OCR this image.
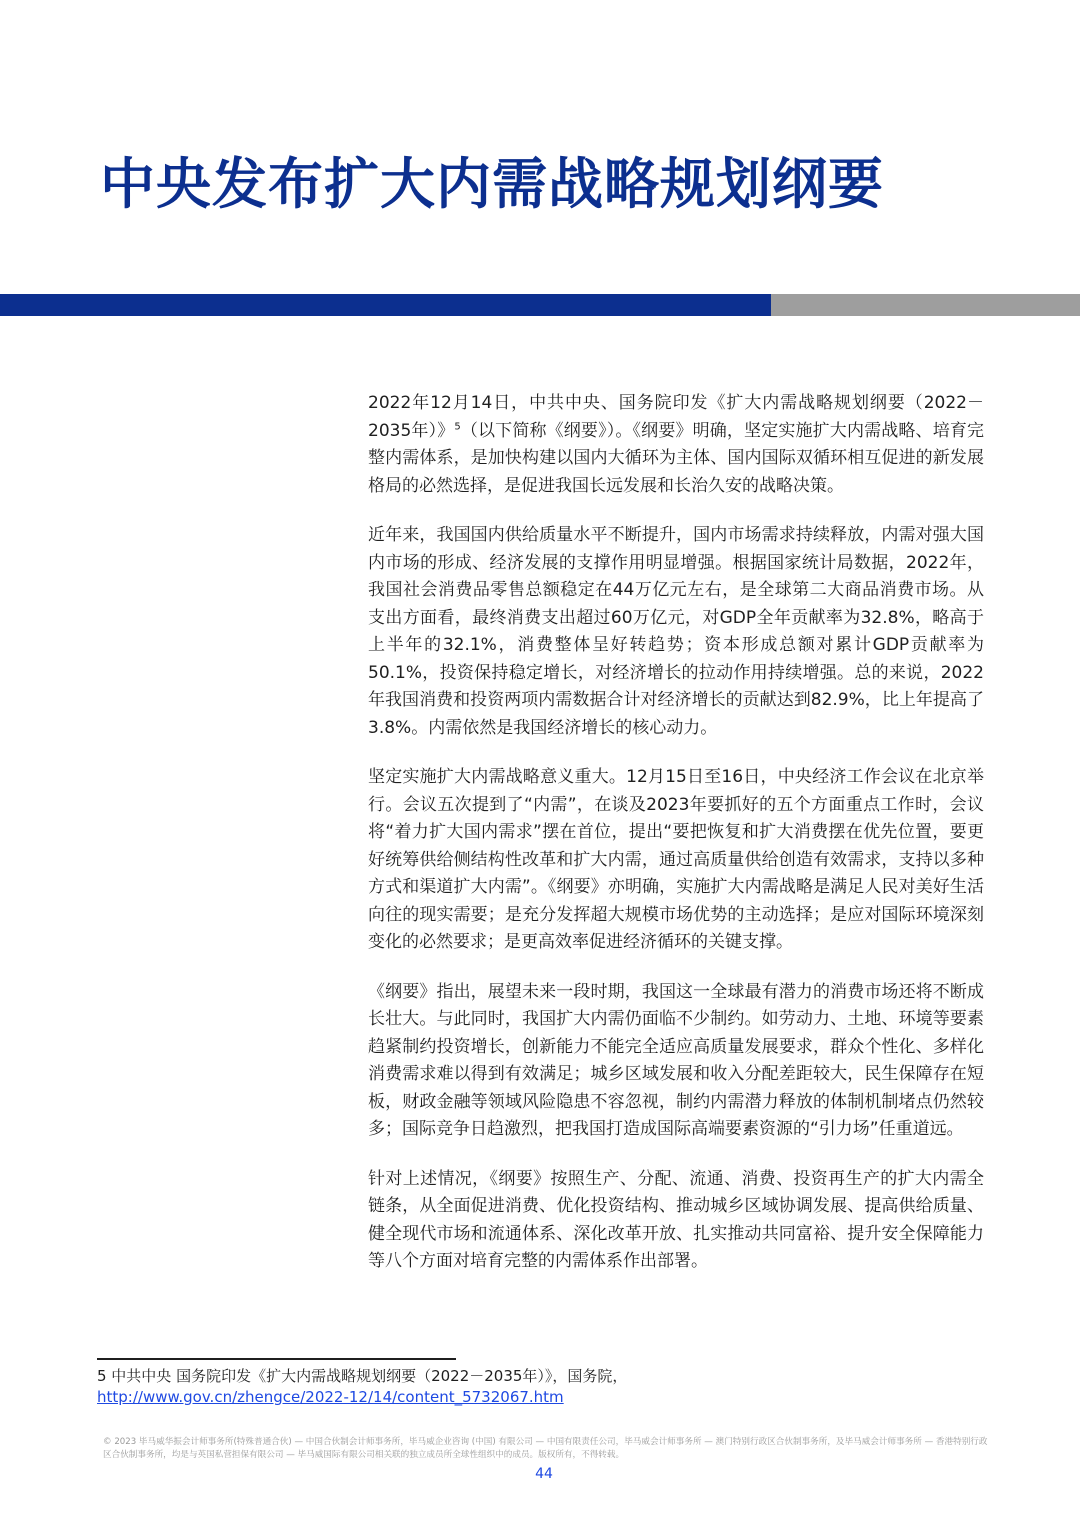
中央发布扩大内需战略规划纲要

2022年12月14日，中共中央、国务院印发《扩大内需战略规划纲要（2022－2035年）》$^5$（以下简称《纲要》）。《纲要》明确，坚定实施扩大内需战略、培育完整内需体系，是加快构建以国内大循环为主体、国内国际双循环相互促进的新发展格局的必然选择，是促进我国长远发展和长治久安的战略决策。

近年来，我国国内供给质量水平不断提升，国内市场需求持续释放，内需对强大国内市场的形成、经济发展的支撑作用明显增强。根据国家统计局数据，2022年，我国社会消费品零售总额稳定在44万亿元左右，是全球第二大商品消费市场。从支出方面看，最终消费支出超过60万亿元，对GDP全年贡献率为32.8%，略高于上半年的32.1%，消费整体呈好转趋势；资本形成总额对累计GDP贡献率为50.1%，投资保持稳定增长，对经济增长的拉动作用持续增强。总的来说，2022年我国消费和投资两项内需数据合计对经济增长的贡献达到82.9%，比上年提高了3.8%。内需依然是我国经济增长的核心动力。

坚定实施扩大内需战略意义重大。12月15日至16日，中央经济工作会议在北京举行。会议五次提到了“内需”，在谈及2023年要抓好的五个方面重点工作时，会议将“着力扩大国内需求”摆在首位，提出“要把恢复和扩大消费摆在优先位置，要更好统筹供给侧结构性改革和扩大内需，通过高质量供给创造有效需求，支持以多种方式和渠道扩大内需”。《纲要》亦明确，实施扩大内需战略是满足人民对美好生活向往的现实需要；是充分发挥超大规模市场优势的主动选择；是应对国际环境深刻变化的必然要求；是更高效率促进经济循环的关键支撑。

《纲要》指出，展望未来一段时期，我国这一全球最有潜力的消费市场还将不断成长壮大。与此同时，我国扩大内需仍面临不少制约。如劳动力、土地、环境等要素趋紧制约投资增长，创新能力不能完全适应高质量发展要求，群众个性化、多样化消费需求难以得到有效满足；城乡区域发展和收入分配差距较大，民生保障存在短板，财政金融等领域风险隐患不容忽视，制约内需潜力释放的体制机制堵点仍然较多；国际竞争日趋激烈，把我国打造成国际高端要素资源的“引力场”任重道远。

针对上述情况，《纲要》按照生产、分配、流通、消费、投资再生产的扩大内需全链条，从全面促进消费、优化投资结构、推动城乡区域协调发展、提高供给质量、健全现代市场和流通体系、深化改革开放、扎实推动共同富裕、提升安全保障能力等八个方面对培育完整的内需体系作出部署。

5 中共中央 国务院印发《扩大内需战略规划纲要（2022－2035年）》，国务院，
http://www.gov.cn/zhengce/2022-12/14/content_5732067.htm
© 2023 毕马威华振会计师事务所(特殊普通合伙) — 中国合伙制会计师事务所，毕马威企业咨询 (中国) 有限公司 — 中国有限责任公司，毕马威会计师事务所 — 澳门特别行政区合伙制事务所，及毕马威会计师事务所 — 香港特别行政区合伙制事务所，均是与英国私营担保有限公司 — 毕马威国际有限公司相关联的独立成员所全球性组织中的成员。版权所有，不得转载。
44
